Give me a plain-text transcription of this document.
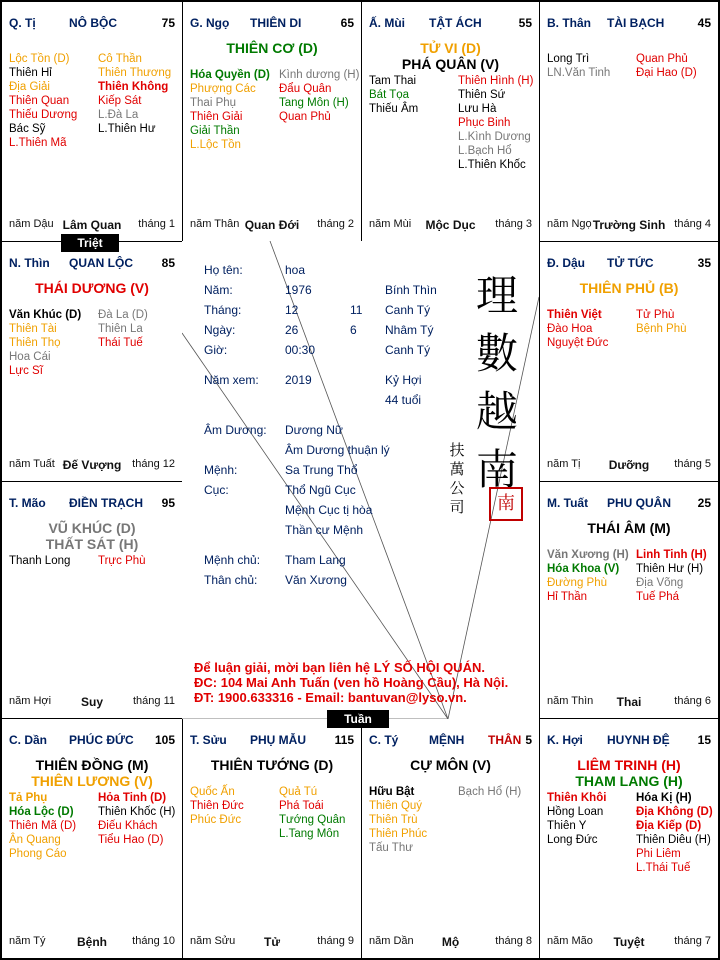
Q. Tị	NÔ BỘC	75
Lộc Tồn (D)
Thiên Hỉ
Địa Giải
Thiên Quan
Thiếu Dương
Bác Sỹ
L.Thiên Mã
Cô Thần
Thiên Thương
Thiên Không
Kiếp Sát
L.Đà La
L.Thiên Hư
năm Dậu Lâm Quan	tháng 1
G. Ngọ THIÊN DI	65
THIÊN CƠ (D)
Hóa Quyền (D)
Phượng Các
Thai Phụ
Thiên Giải
Giải Thần
L.Lộc Tồn
Kình dương (H)
Đẩu Quân
Tang Môn (H)
Quan Phủ
năm Thân Quan Đới	tháng 2
Ấ. Mùi TẬT ÁCH	55
TỬ VI (D)
PHÁ QUÂN (V)
Tam Thai
Bát Tọa
Thiếu Âm
Thiên Hình (H)
Thiên Sứ
Lưu Hà
Phục Binh
L.Kình Dương
L.Bạch Hổ
L.Thiên Khốc
năm Mùi	Mộc Dục	tháng 3
B. Thân TÀI BẠCH	45
Long Trì
LN.Văn Tinh
Quan Phủ
Đại Hao (D)
năm Ngọ Trường Sinh tháng 4
N. Thìn QUAN LỘC 85
THÁI DƯƠNG (V)
Văn Khúc (D)
Thiên Tài
Thiên Thọ
Hoa Cái
Lực Sĩ
Đà La (D)
Thiên La
Thái Tuế
năm Tuất Đế Vượng tháng 12
Đ. Dậu TỬ TỨC	35
THIÊN PHỦ (B)
Thiên Việt
Đào Hoa
Nguyệt Đức
Tử Phù
Bệnh Phù
năm Tị	Dưỡng	tháng 5
T. Mão ĐIỀN TRẠCH 95
VŨ KHÚC (D)
THẤT SÁT (H)
Thanh Long Trực Phù
năm Hợi	Suy	tháng 11
M. Tuất PHU QUÂN 25
THÁI ÂM (M)
Văn Xương (H)
Hóa Khoa (V)
Đường Phù
Hỉ Thần
Linh Tinh (H)
Thiên Hư (H)
Địa Võng
Tuế Phá
năm Thìn	Thai	tháng 6
C. Dần PHÚC ĐỨC 105
THIÊN ĐỒNG (M)
THIÊN LƯƠNG (V)
Tả Phụ
Hóa Lộc (D)
Thiên Mã (D)
Ân Quang
Phong Cáo
Hỏa Tinh (D)
Thiên Khốc (H)
Điếu Khách
Tiểu Hao (D)
năm Tý	Bệnh	tháng 10
T. Sửu PHỤ MẪU 115
THIÊN TƯỚNG (D)
Quốc Ấn
Thiên Đức
Phúc Đức
Quả Tú
Phá Toái
Tướng Quân
L.Tang Môn
năm Sửu	Tử	tháng 9
C. Tý	MỆNH THÂN 5
CỰ MÔN (V)
Hữu Bật
Thiên Quý
Thiên Trù
Thiên Phúc
Tấu Thư
Bạch Hổ (H)
năm Dần	Mộ	tháng 8
K. Hợi HUYNH ĐỆ 15
LIÊM TRINH (H)
THAM LANG (H)
Thiên Khôi
Hồng Loan
Thiên Y
Long Đức
Hóa Kị (H)
Địa Không (D)
Địa Kiếp (D)
Thiên Diêu (H)
Phi Liêm
L.Thái Tuế
năm Mão	Tuyệt	tháng 7
Họ tên:	hoa
Năm:	1976	Bính Thìn
Tháng:	12	11 Canh Tý
Ngày:	26	6 Nhâm Tý
Giờ:	00:30	Canh Tý
Năm xem: 2019	Kỷ Hợi
44 tuổi
Âm Dương: Dương Nữ
Âm Dương thuận lý
Mệnh:	Sa Trung Thổ
Cục:	Thổ Ngũ Cục
Mệnh Cục tị hòa
Thần cư Mệnh
Mệnh chủ: Tham Lang
Thân chủ: Văn Xương
理
數
越
南
扶
萬
公
司	南
Để luận giải, mời bạn liên hệ LÝ SỐ HỘI QUÁN.
ĐC: 104 Mai Anh Tuấn (ven hồ Hoàng Cầu), Hà Nội.
ĐT: 1900.633316 - Email: bantuvan@lyso.vn.
Triệt
Tuần
